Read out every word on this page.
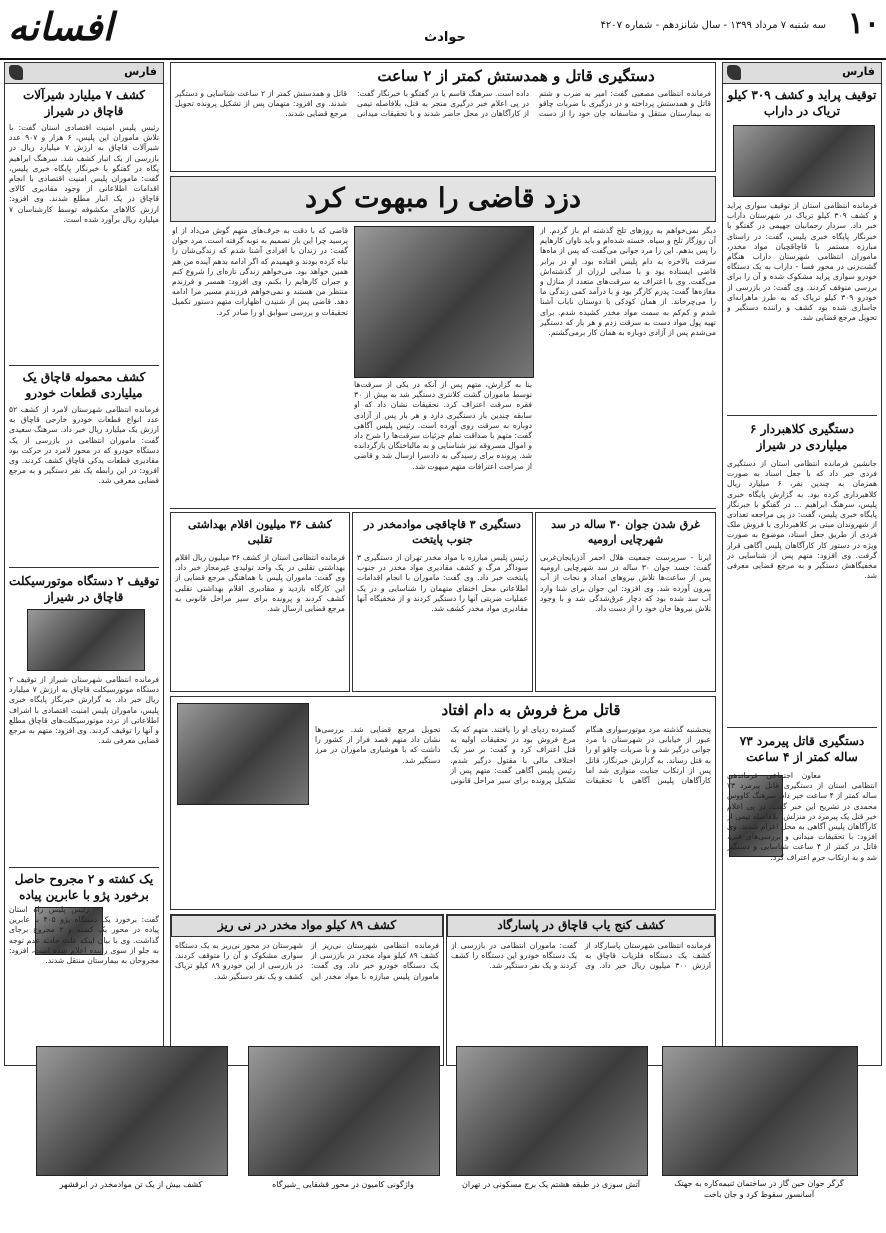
۱۰
سه شنبه ۷ مرداد ۱۳۹۹ - سال شانزدهم - شماره ۴۲۰۷
حوادث
افسانه
فارس
توقیف پراید و کشف ۳۰۹ کیلو تریاک در داراب
فرمانده انتظامی استان از توقیف سواری پراید و کشف ۳۰۹ کیلو تریاک در شهرستان داراب خبر داد. سردار رحمانیان جهیمی در گفتگو با خبرنگار پایگاه خبری پلیس، گفت: در راستای مبارزه مستمر با قاچاقچیان مواد مخدر، ماموران انتظامی شهرستان داراب هنگام گشت‌زنی در محور فسا - داراب به یک دستگاه خودرو سواری پراید مشکوک شده و آن را برای بررسی متوقف کردند. وی گفت: در بازرسی از خودرو ۳۰۹ کیلو تریاک که به طرز ماهرانه‌ای جاسازی شده بود کشف و راننده دستگیر و تحویل مرجع قضایی شد.
دستگیری کلاهبردار ۶ میلیاردی در شیراز
جانشین فرمانده انتظامی استان از دستگیری فردی خبر داد که با جعل اسناد به صورت همزمان به چندین نفر، ۶ میلیارد ریال کلاهبرداری کرده بود. به گزارش پایگاه خبری پلیس، سرهنگ ابراهیم ... در گفتگو با خبرنگار پایگاه خبری پلیس، گفت: در پی مراجعه تعدادی از شهروندان مبنی بر کلاهبرداری با فروش ملک فردی از طریق جعل اسناد، موضوع به صورت ویژه در دستور کار کارآگاهان پلیس آگاهی قرار گرفت. وی افزود: متهم پس از شناسایی در مخفیگاهش دستگیر و به مرجع قضایی معرفی شد.
دستگیری قاتل پیرمرد ۷۳ ساله کمتر از ۴ ساعت
معاون اجتماعی فرماندهی انتظامی استان از دستگیری قاتل پیرمرد ۷۳ ساله کمتر از ۴ ساعت خبر داد. سرهنگ کاووس محمدی در تشریح این خبر گفت: در پی اعلام خبر قتل یک پیرمرد در منزلش، بلافاصله تیمی از کارآگاهان پلیس آگاهی به محل اعزام شدند. وی افزود: با تحقیقات میدانی و بررسی‌های فنی، قاتل در کمتر از ۴ ساعت شناسایی و دستگیر شد و به ارتکاب جرم اعتراف کرد.
فارس
کشف ۷ میلیارد شیرآلات قاچاق در شیراز
رئیس پلیس امنیت اقتصادی استان گفت: با تلاش ماموران این پلیس، ۶ هزار و ۹۰۷ عدد شیرآلات قاچاق به ارزش ۷ میلیارد ریال در بازرسی از یک انبار کشف شد. سرهنگ ابراهیم پگاه در گفتگو با خبرنگار پایگاه خبری پلیس، گفت: ماموران پلیس امنیت اقتصادی با انجام اقدامات اطلاعاتی از وجود مقادیری کالای قاچاق در یک انبار مطلع شدند. وی افزود: ارزش کالاهای مکشوفه توسط کارشناسان ۷ میلیارد ریال برآورد شده است.
کشف محموله قاچاق یک میلیاردی قطعات خودرو
فرمانده انتظامی شهرستان لامرد از کشف ۵۲ عدد انواع قطعات خودرو خارجی قاچاق به ارزش یک میلیارد ریال خبر داد. سرهنگ سعیدی گفت: ماموران انتظامی در بازرسی از یک دستگاه خودرو که در محور لامرد در حرکت بود مقادیری قطعات یدکی قاچاق کشف کردند. وی افزود: در این رابطه یک نفر دستگیر و به مرجع قضایی معرفی شد.
توقیف ۲ دستگاه موتورسیکلت قاچاق در شیراز
فرمانده انتظامی شهرستان شیراز از توقیف ۲ دستگاه موتورسیکلت قاچاق به ارزش ۷ میلیارد ریال خبر داد. به گزارش خبرنگار پایگاه خبری پلیس، ماموران پلیس امنیت اقتصادی با اشراف اطلاعاتی از تردد موتورسیکلت‌های قاچاق مطلع و آنها را توقیف کردند. وی افزود: متهم به مرجع قضایی معرفی شد.
یک کشته و ۲ مجروح حاصل برخورد پژو با عابرین پیاده
رئیس پلیس راه استان گفت: برخورد یک دستگاه پژو ۴۰۵ با عابرین پیاده در محور یک کشته و ۲ مجروح برجای گذاشت. وی با بیان اینکه علت حادثه عدم توجه به جلو از سوی راننده اعلام شده است، افزود: مجروحان به بیمارستان منتقل شدند.
دستگیری قاتل و همدستش کمتر از ۲ ساعت
فرمانده انتظامی مصعبی گفت: امیر به ضرب و شتم قاتل و همدستش پرداخته و در درگیری با ضربات چاقو به بیمارستان منتقل و متاسفانه جان خود را از دست داده است. سرهنگ قاسم یا در گفتگو با خبرنگار گفت: در پی اعلام خبر درگیری منجر به قتل، بلافاصله تیمی از کارآگاهان در محل حاضر شدند و با تحقیقات میدانی قاتل و همدستش کمتر از ۲ ساعت شناسایی و دستگیر شدند. وی افزود: متهمان پس از تشکیل پرونده تحویل مرجع قضایی شدند.
دزد قاضی را مبهوت کرد
دیگر نمی‌خواهم به روزهای تلخ گذشته ام باز گردم. از آن روزگار تلخ و سیاه. خسته شده‌ام و باید تاوان کارهایم را پس بدهم. این را مرد جوانی می‌گفت که پس از ماه‌ها سرقت بالاخره به دام پلیس افتاده بود. او در برابر قاضی ایستاده بود و با صدایی لرزان از گذشته‌اش می‌گفت. وی با اعتراف به سرقت‌های متعدد از منازل و مغازه‌ها گفت: پدرم کارگر بود و با درآمد کمی زندگی ما را می‌چرخاند. از همان کودکی با دوستان ناباب آشنا شدم و کم‌کم به سمت مواد مخدر کشیده شدم. برای تهیه پول مواد دست به سرقت زدم و هر بار که دستگیر می‌شدم پس از آزادی دوباره به همان کار برمی‌گشتم.
قاضی که با دقت به حرف‌های متهم گوش می‌داد از او پرسید چرا این بار تصمیم به توبه گرفته است. مرد جوان گفت: در زندان با افرادی آشنا شدم که زندگی‌شان را تباه کرده بودند و فهمیدم که اگر ادامه بدهم آینده من هم همین خواهد بود. می‌خواهم زندگی تازه‌ای را شروع کنم و جبران کارهایم را بکنم. وی افزود: همسر و فرزندم منتظر من هستند و نمی‌خواهم فرزندم مسیر مرا ادامه دهد. قاضی پس از شنیدن اظهارات متهم دستور تکمیل تحقیقات و بررسی سوابق او را صادر کرد.
بنا به گزارش، متهم پس از آنکه در یکی از سرقت‌ها توسط ماموران گشت کلانتری دستگیر شد به بیش از ۳۰ فقره سرقت اعتراف کرد. تحقیقات نشان داد که او سابقه چندین بار دستگیری دارد و هر بار پس از آزادی دوباره به سرقت روی آورده است. رئیس پلیس آگاهی گفت: متهم با صداقت تمام جزئیات سرقت‌ها را شرح داد و اموال مسروقه نیز شناسایی و به مالباختگان بازگردانده شد. پرونده برای رسیدگی به دادسرا ارسال شد و قاضی از صراحت اعترافات متهم مبهوت شد.
غرق شدن جوان ۳۰ ساله در سد شهرچایی ارومیه
ایرنا - سرپرست جمعیت هلال احمر آذربایجان‌غربی گفت: جسد جوان ۳۰ ساله در سد شهرچایی ارومیه پس از ساعت‌ها تلاش نیروهای امداد و نجات از آب بیرون آورده شد. وی افزود: این جوان برای شنا وارد آب سد شده بود که دچار غرق‌شدگی شد و با وجود تلاش نیروها جان خود را از دست داد.
دستگیری ۳ قاچاقچی موادمخدر در جنوب پایتخت
رئیس پلیس مبارزه با مواد مخدر تهران از دستگیری ۳ سوداگر مرگ و کشف مقادیری مواد مخدر در جنوب پایتخت خبر داد. وی گفت: ماموران با انجام اقدامات اطلاعاتی محل اختفای متهمان را شناسایی و در یک عملیات ضربتی آنها را دستگیر کردند و از مخفیگاه آنها مقادیری مواد مخدر کشف شد.
کشف ۳۶ میلیون اقلام بهداشتی تقلبی
فرمانده انتظامی استان از کشف ۳۶ میلیون ریال اقلام بهداشتی تقلبی در یک واحد تولیدی غیرمجاز خبر داد. وی گفت: ماموران پلیس با هماهنگی مرجع قضایی از این کارگاه بازدید و مقادیری اقلام بهداشتی تقلبی کشف کردند و پرونده برای سیر مراحل قانونی به مرجع قضایی ارسال شد.
قاتل مرغ فروش به دام افتاد
پنجشنبه گذشته مرد موتورسواری هنگام عبور از خیابانی در شهرستان با مرد جوانی درگیر شد و با ضربات چاقو او را به قتل رساند. به گزارش خبرنگار، قاتل پس از ارتکاب جنایت متواری شد اما کارآگاهان پلیس آگاهی با تحقیقات گسترده ردپای او را یافتند. متهم که یک مرغ فروش بود در تحقیقات اولیه به قتل اعتراف کرد و گفت: بر سر یک اختلاف مالی با مقتول درگیر شدم. رئیس پلیس آگاهی گفت: متهم پس از تشکیل پرونده برای سیر مراحل قانونی تحویل مرجع قضایی شد. بررسی‌ها نشان داد متهم قصد فرار از کشور را داشت که با هوشیاری ماموران در مرز دستگیر شد.
کشف کنج یاب قاچاق در پاسارگاد
فرمانده انتظامی شهرستان پاسارگاد از کشف یک دستگاه فلزیاب قاچاق به ارزش ۳۰۰ میلیون ریال خبر داد. وی گفت: ماموران انتظامی در بازرسی از یک دستگاه خودرو این دستگاه را کشف کردند و یک نفر دستگیر شد.
کشف ۸۹ کیلو مواد مخدر در نی ریز
فرمانده انتظامی شهرستان نی‌ریز از کشف ۸۹ کیلو مواد مخدر در بازرسی از یک دستگاه خودرو خبر داد. وی گفت: ماموران پلیس مبارزه با مواد مخدر این شهرستان در محور نی‌ریز به یک دستگاه سواری مشکوک و آن را متوقف کردند. در بازرسی از این خودرو ۸۹ کیلو تریاک کشف و یک نفر دستگیر شد.
گرگر جوان حین گاز در ساختمان ثنیمه‌کاره به جهتک آسانسور سقوط کرد و جان باخت
آتش سوزی در طبقه هشتم یک برج مسکونی در تهران
واژگونی کامیون در محور قشقایی _شیرگاه
کشف بیش از یک تن موادمخدر در ابرقشهر
